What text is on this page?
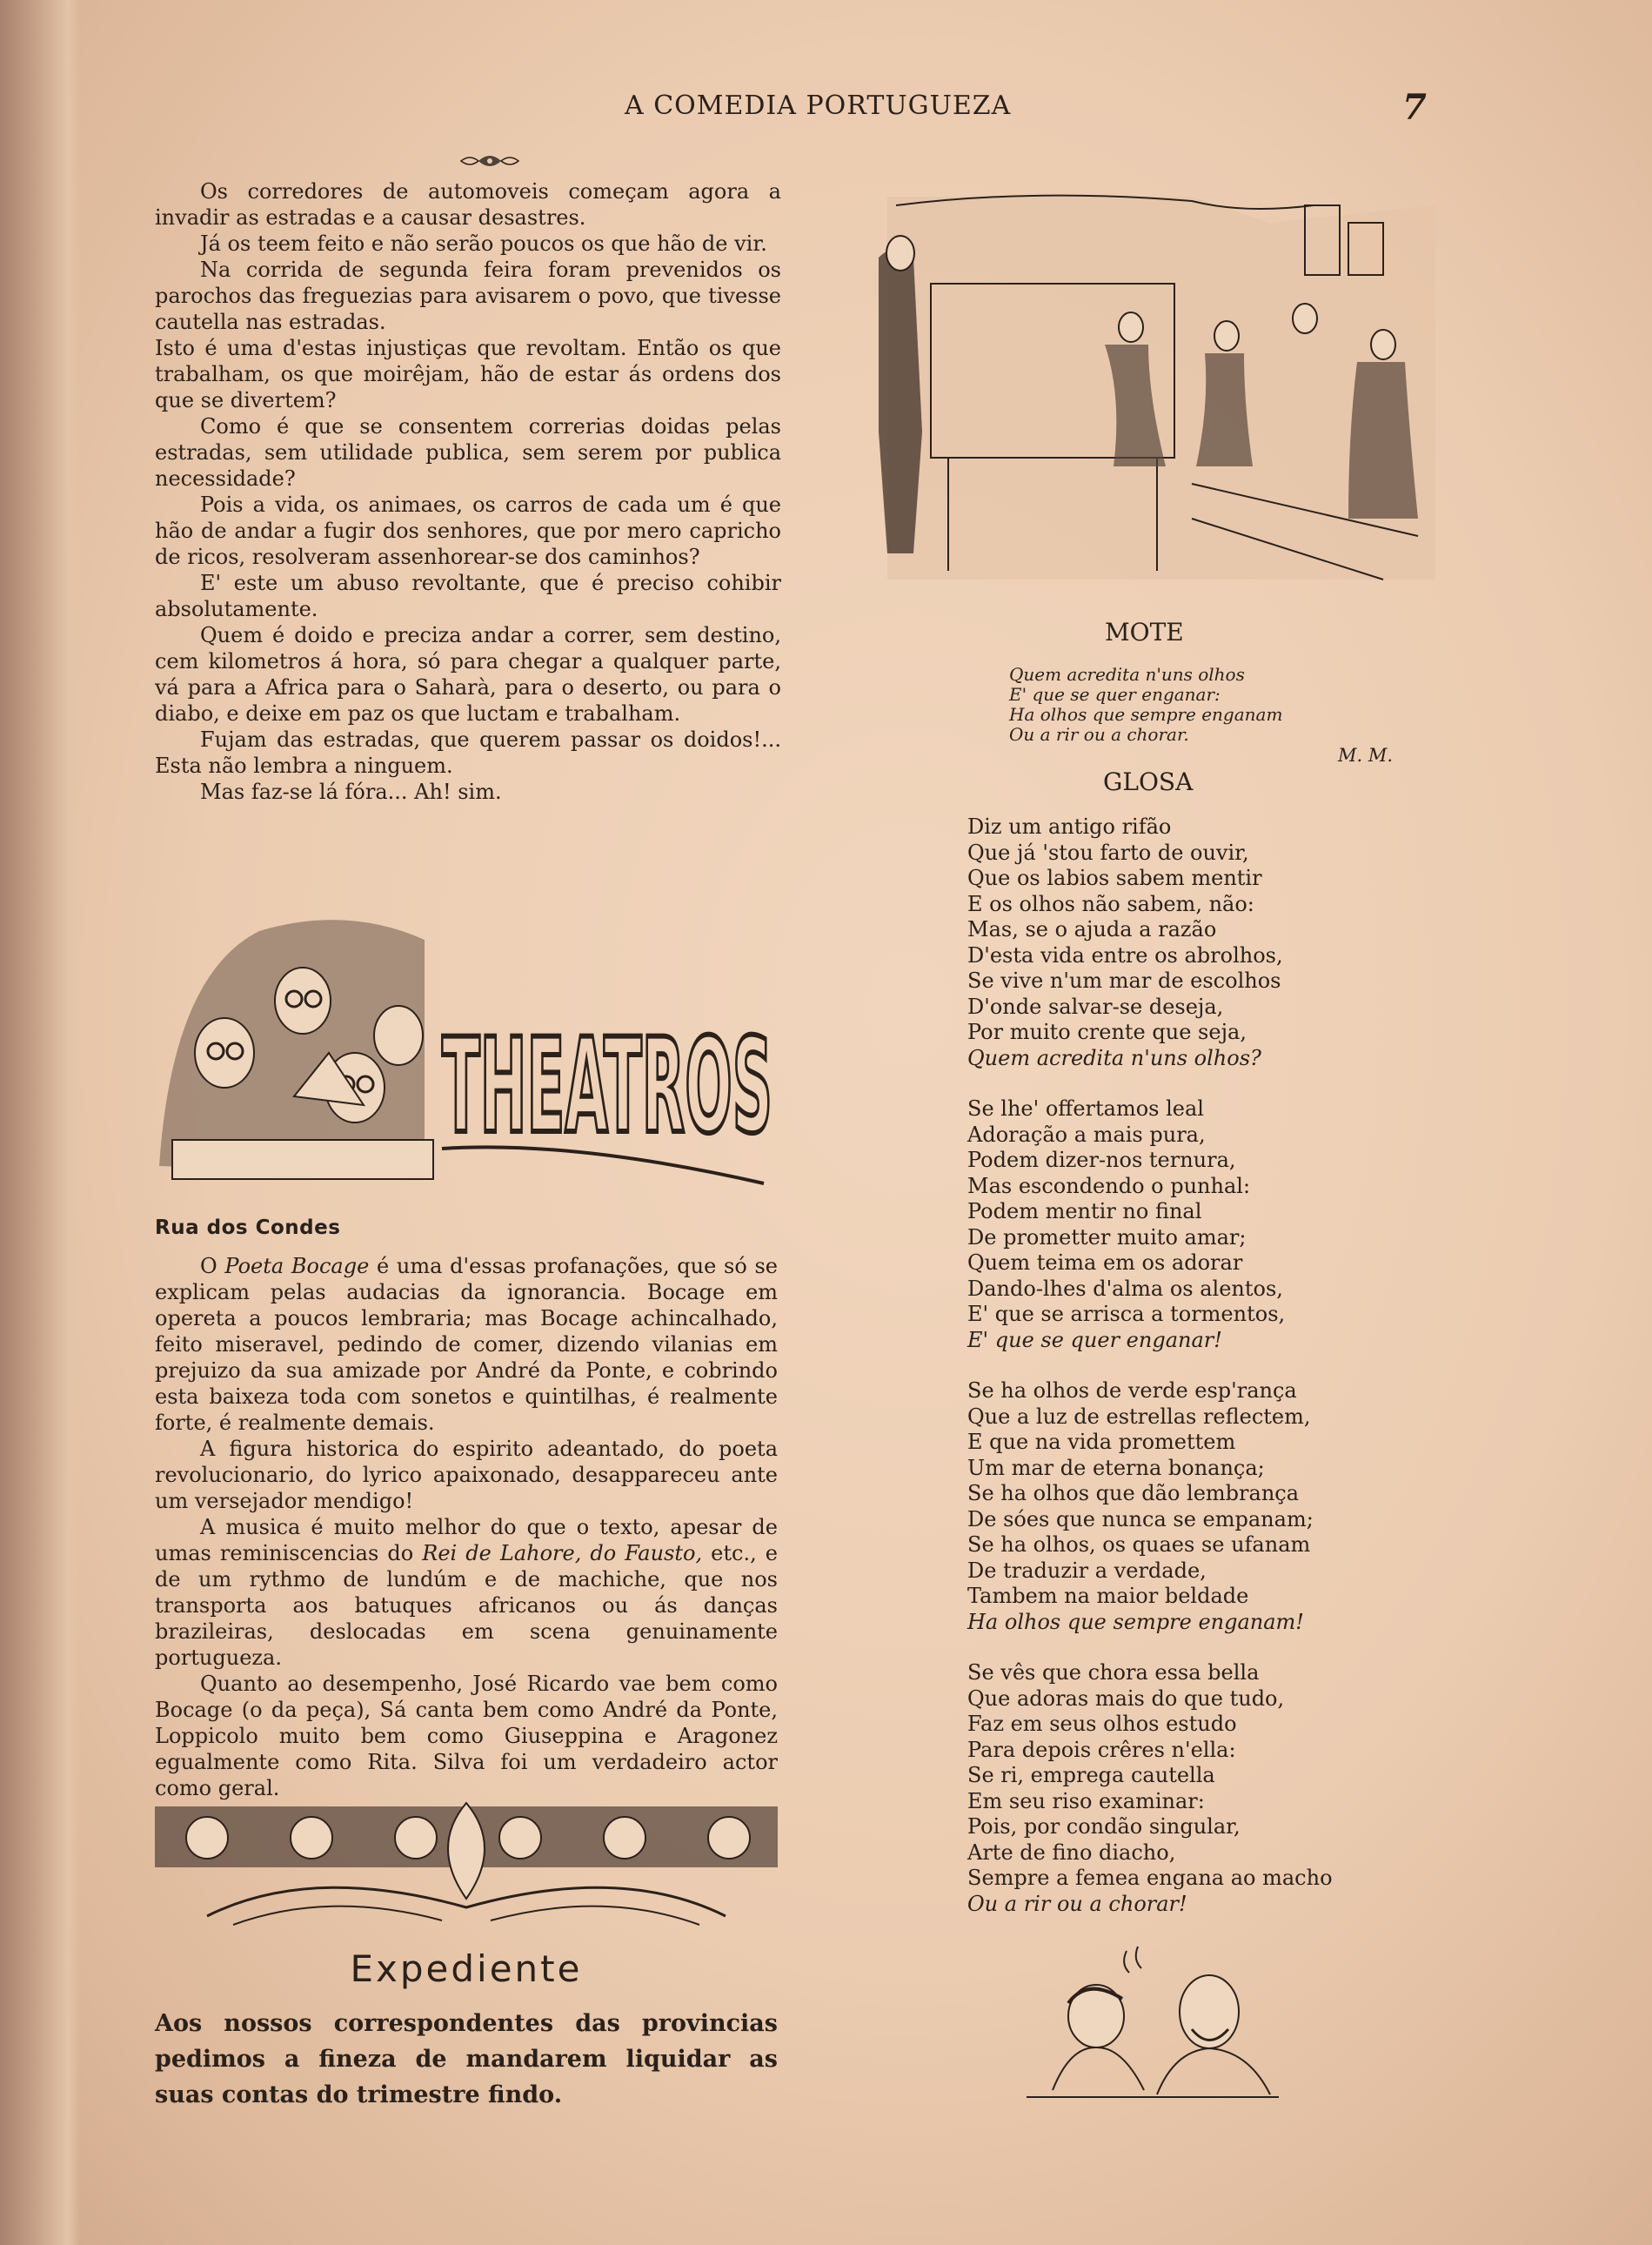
A COMEDIA PORTUGUEZA	7

Os corredores de automoveis começam agora a invadir as estradas e a causar desastres.

Já os teem feito e não serão poucos os que hão de vir.

Na corrida de segunda feira foram prevenidos os parochos das freguezias para avisarem o povo, que tivesse cautella nas estradas.

Isto é uma d'estas injustiças que revoltam. Então os que trabalham, os que moirêjam, hão de estar ás ordens dos que se divertem?

Como é que se consentem correrias doidas pelas estradas, sem utilidade publica, sem serem por publica necessidade?

Pois a vida, os animaes, os carros de cada um é que hão de andar a fugir dos senhores, que por mero capricho de ricos, resolveram assenhorear-se dos caminhos?

E' este um abuso revoltante, que é preciso cohibir absolutamente.

Quem é doido e preciza andar a correr, sem destino, cem kilometros á hora, só para chegar a qualquer parte, vá para a Africa para o Saharà, para o deserto, ou para o diabo, e deixe em paz os que luctam e trabalham.

Fujam das estradas, que querem passar os doidos!... Esta não lembra a ninguem.

Mas faz-se lá fóra... Ah! sim.

THEATROS
Rua dos Condes

O Poeta Bocage é uma d'essas profanações, que só se explicam pelas audacias da ignorancia. Bocage em opereta a poucos lembraria; mas Bocage achincalhado, feito miseravel, pedindo de comer, dizendo vilanias em prejuizo da sua amizade por André da Ponte, e cobrindo esta baixeza toda com sonetos e quintilhas, é realmente forte, é realmente demais.

A figura historica do espirito adeantado, do poeta revolucionario, do lyrico apaixonado, desappareceu ante um versejador mendigo!

A musica é muito melhor do que o texto, apesar de umas reminiscencias do Rei de Lahore, do Fausto, etc., e de um rythmo de lundúm e de machiche, que nos transporta aos batuques africanos ou ás danças brazileiras, deslocadas em scena genuinamente portugueza.

Quanto ao desempenho, José Ricardo vae bem como Bocage (o da peça), Sá canta bem como André da Ponte, Loppicolo muito bem como Giuseppina e Aragonez egualmente como Rita. Silva foi um verdadeiro actor como geral.

Expediente
Aos nossos correspondentes das provincias pedimos a fineza de mandarem liquidar as suas contas do trimestre findo.
MOTE
Quem acredita n'uns olhos
E' que se quer enganar:
Ha olhos que sempre enganam
Ou a rir ou a chorar.
M. M.
GLOSA
Diz um antigo rifão
Que já 'stou farto de ouvir,
Que os labios sabem mentir
E os olhos não sabem, não:
Mas, se o ajuda a razão
D'esta vida entre os abrolhos,
Se vive n'um mar de escolhos
D'onde salvar-se deseja,
Por muito crente que seja,
Quem acredita n'uns olhos?
Se lhe' offertamos leal
Adoração a mais pura,
Podem dizer-nos ternura,
Mas escondendo o punhal:
Podem mentir no final
De prometter muito amar;
Quem teima em os adorar
Dando-lhes d'alma os alentos,
E' que se arrisca a tormentos,
E' que se quer enganar!
Se ha olhos de verde esp'rança
Que a luz de estrellas reflectem,
E que na vida promettem
Um mar de eterna bonança;
Se ha olhos que dão lembrança
De sóes que nunca se empanam;
Se ha olhos, os quaes se ufanam
De traduzir a verdade,
Tambem na maior beldade
Ha olhos que sempre enganam!
Se vês que chora essa bella
Que adoras mais do que tudo,
Faz em seus olhos estudo
Para depois crêres n'ella:
Se ri, emprega cautella
Em seu riso examinar:
Pois, por condão singular,
Arte de fino diacho,
Sempre a femea engana ao macho
Ou a rir ou a chorar!
